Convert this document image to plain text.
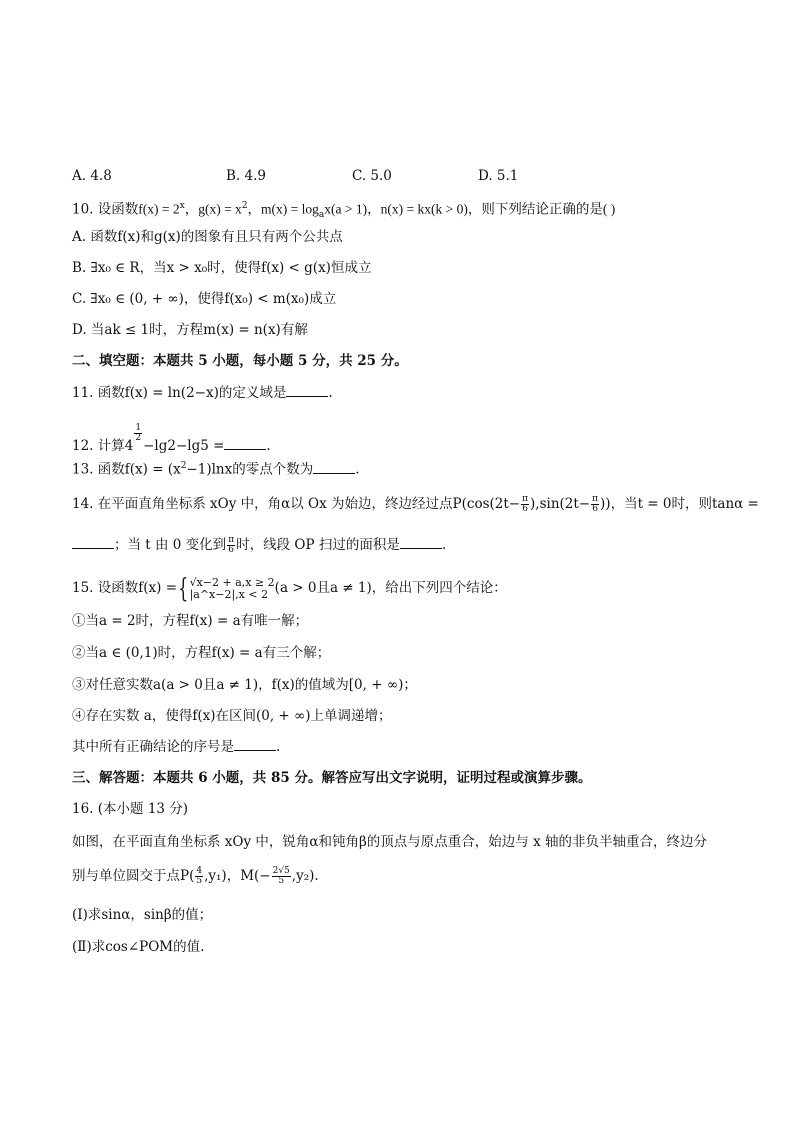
A. 4.8	B. 4.9	C. 5.0	D. 5.1
10. 设函数$f(x) = 2^x$，$g(x) = x^2$，$m(x) = \log_ax(a > 1)$，n(x) = kx(k > 0)，则下列结论正确的是( )
A. 函数f(x)和g(x)的图象有且只有两个公共点
B. ∃x₀ ∈ R，当x > x₀时，使得f(x) < g(x)恒成立
C. ∃x₀ ∈ (0, + ∞)，使得f(x₀) < m(x₀)成立
D. 当ak ≤ 1时，方程m(x) = n(x)有解
二、填空题：本题共 5 小题，每小题 5 分，共 25 分。
11. 函数f(x) = ln(2−x)的定义域是	.
12. 计算4
$\frac{1}{2}$
−lg2−lg5 =	.
13. 函数$f(x) = (x^2-1)\ln x$的零点个数为	.
14. 在平面直角坐标系 xOy 中，角α以 Ox 为始边，终边经过点$P(\cos(2t- \frac{\pi}{6} ),\sin(2t- \frac{\pi}{6}$ ))，当t = 0时，则tanα =
；当 t 由 0 变化到 $\frac{\pi}{6}$ 时，线段 OP 扫过的面积是	.
15. 设函数f(x) ={ √x−2 + a,x ≥ 2
|a^x−2|,x < 2 (a > 0且a ≠ 1)，给出下列四个结论：
①当a = 2时，方程f(x) = a有唯一解；
②当a ∈ (0,1)时，方程f(x) = a有三个解；
③对任意实数a(a > 0且a ≠ 1)，f(x)的值域为[0, + ∞)；
④存在实数 a，使得f(x)在区间(0, + ∞)上单调递增；
其中所有正确结论的序号是	.
三、解答题：本题共 6 小题，共 85 分。解答应写出文字说明，证明过程或演算步骤。
16. (本小题 13 分)
如图，在平面直角坐标系 xOy 中，锐角α和钝角β的顶点与原点重合，始边与 x 轴的非负半轴重合，终边分
别与单位圆交于点$P( \frac{4}{5} ,y_1)$，$M(- \frac{2√5}{5} ,y_2)$.
(Ⅰ)求sinα，sinβ的值；
(Ⅱ)求cos∠POM的值.
